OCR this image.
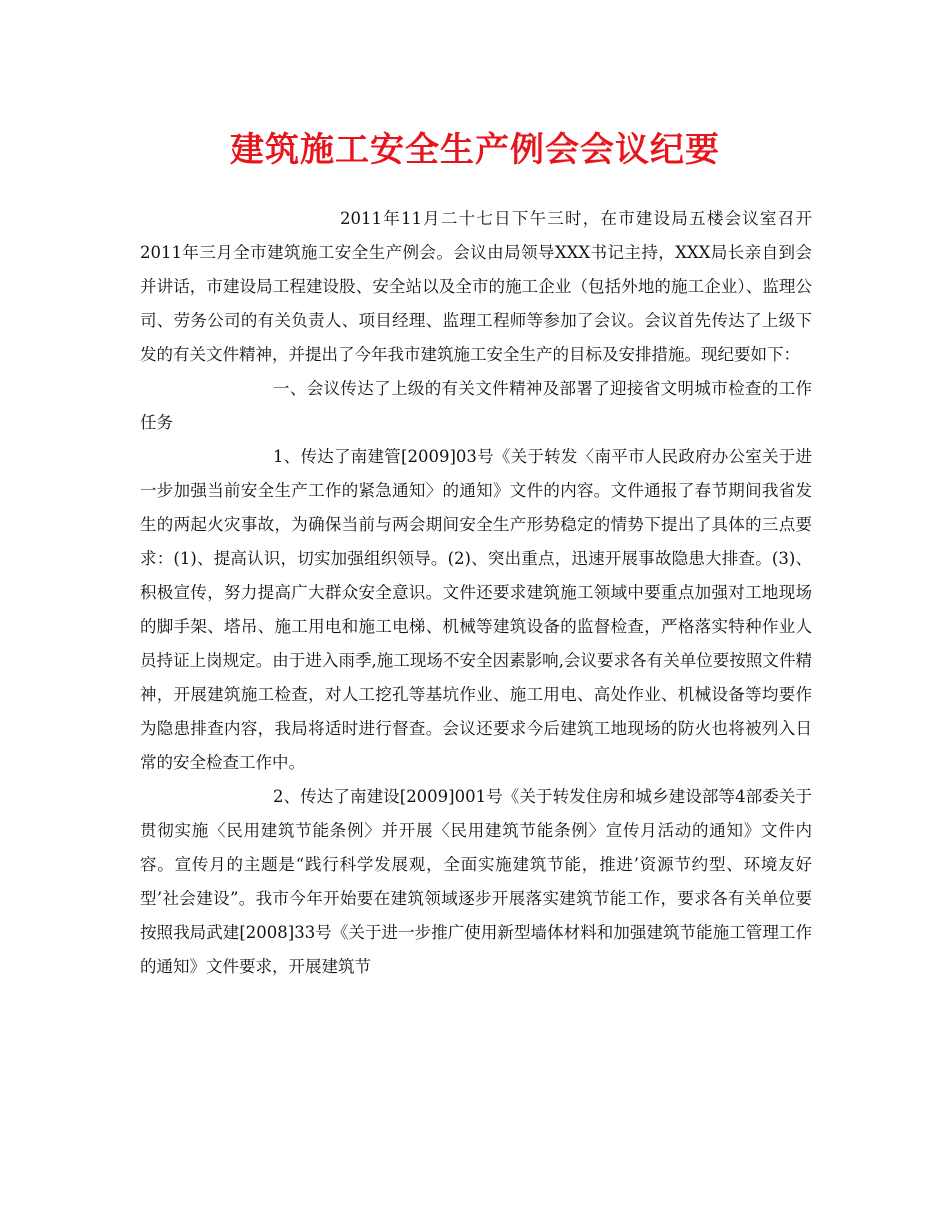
建筑施工安全生产例会会议纪要

2011年11月二十七日下午三时，在市建设局五楼会议室召开2011年三月全市建筑施工安全生产例会。会议由局领导XXX书记主持，XXX局长亲自到会并讲话，市建设局工程建设股、安全站以及全市的施工企业（包括外地的施工企业）、监理公司、劳务公司的有关负责人、项目经理、监理工程师等参加了会议。会议首先传达了上级下发的有关文件精神，并提出了今年我市建筑施工安全生产的目标及安排措施。现纪要如下：

一、会议传达了上级的有关文件精神及部署了迎接省文明城市检查的工作任务

1、传达了南建管[2009]03号《关于转发〈南平市人民政府办公室关于进一步加强当前安全生产工作的紧急通知〉的通知》文件的内容。文件通报了春节期间我省发生的两起火灾事故，为确保当前与两会期间安全生产形势稳定的情势下提出了具体的三点要求：(1)、提高认识，切实加强组织领导。(2)、突出重点，迅速开展事故隐患大排查。(3)、积极宣传，努力提高广大群众安全意识。文件还要求建筑施工领域中要重点加强对工地现场的脚手架、塔吊、施工用电和施工电梯、机械等建筑设备的监督检查，严格落实特种作业人员持证上岗规定。由于进入雨季,施工现场不安全因素影响,会议要求各有关单位要按照文件精神，开展建筑施工检查，对人工挖孔等基坑作业、施工用电、高处作业、机械设备等均要作为隐患排查内容，我局将适时进行督查。会议还要求今后建筑工地现场的防火也将被列入日常的安全检查工作中。

2、传达了南建设[2009]001号《关于转发住房和城乡建设部等4部委关于贯彻实施〈民用建筑节能条例〉并开展〈民用建筑节能条例〉宣传月活动的通知》文件内容。宣传月的主题是“践行科学发展观，全面实施建筑节能，推进’资源节约型、环境友好型’社会建设”。我市今年开始要在建筑领域逐步开展落实建筑节能工作，要求各有关单位要按照我局武建[2008]33号《关于进一步推广使用新型墙体材料和加强建筑节能施工管理工作的通知》文件要求，开展建筑节
